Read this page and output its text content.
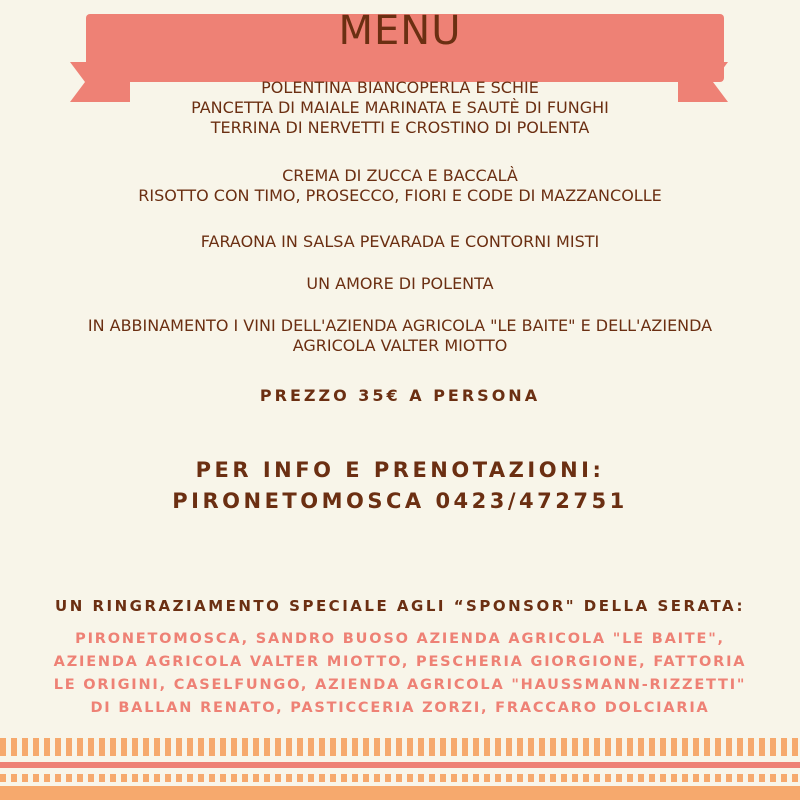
MENU
POLENTINA BIANCOPERLA E SCHIE
PANCETTA DI MAIALE MARINATA E SAUTÈ DI FUNGHI
TERRINA DI NERVETTI E CROSTINO DI POLENTA
CREMA DI ZUCCA E BACCALÀ
RISOTTO CON TIMO, PROSECCO, FIORI E CODE DI MAZZANCOLLE
FARAONA IN SALSA PEVARADA E CONTORNI MISTI
UN AMORE DI POLENTA
IN ABBINAMENTO I VINI DELL'AZIENDA AGRICOLA "LE BAITE" E DELL'AZIENDA
AGRICOLA VALTER MIOTTO
PREZZO 35€ A PERSONA
PER INFO E PRENOTAZIONI:
PIRONETOMOSCA 0423/472751
UN RINGRAZIAMENTO SPECIALE AGLI “SPONSOR" DELLA SERATA:
PIRONETOMOSCA, SANDRO BUOSO AZIENDA AGRICOLA "LE BAITE",
AZIENDA AGRICOLA VALTER MIOTTO, PESCHERIA GIORGIONE, FATTORIA
LE ORIGINI, CASELFUNGO, AZIENDA AGRICOLA "HAUSSMANN-RIZZETTI"
DI BALLAN RENATO, PASTICCERIA ZORZI, FRACCARO DOLCIARIA
